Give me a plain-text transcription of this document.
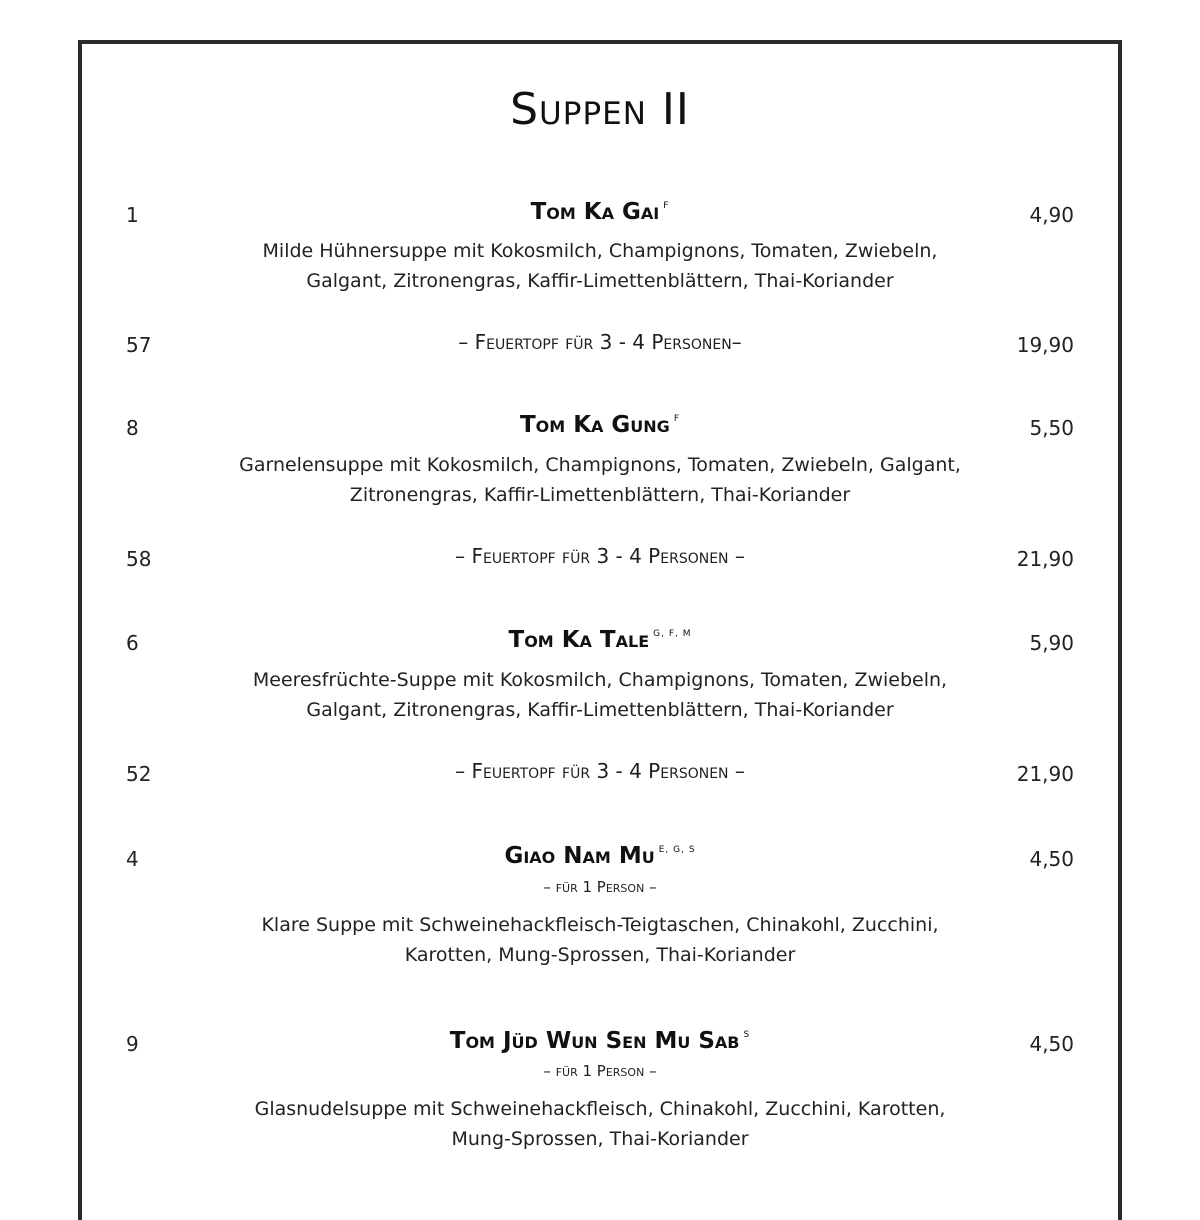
Suppen II
1	Tom Ka Gai $^F$	4,90
Milde Hühnersuppe mit Kokosmilch, Champignons, Tomaten, Zwiebeln,
Galgant, Zitronengras, Kaffir-Limettenblättern, Thai-Koriander
57	– Feuertopf für 3 - 4 Personen–	19,90
8	Tom Ka Gung $^F$	5,50
Garnelensuppe mit Kokosmilch, Champignons, Tomaten, Zwiebeln, Galgant,
Zitronengras, Kaffir-Limettenblättern, Thai-Koriander
58	– Feuertopf für 3 - 4 Personen –	21,90
6	Tom Ka Tale $^{G, F, M}$	5,90
Meeresfrüchte-Suppe mit Kokosmilch, Champignons, Tomaten, Zwiebeln,
Galgant, Zitronengras, Kaffir-Limettenblättern, Thai-Koriander
52	– Feuertopf für 3 - 4 Personen –	21,90
4	Giao Nam Mu $^{E, G, S}$	4,50
– für 1 Person –
Klare Suppe mit Schweinehackfleisch-Teigtaschen, Chinakohl, Zucchini,
Karotten, Mung-Sprossen, Thai-Koriander
9	Tom Jüd Wun Sen Mu Sab $^S$	4,50
– für 1 Person –
Glasnudelsuppe mit Schweinehackfleisch, Chinakohl, Zucchini, Karotten,
Mung-Sprossen, Thai-Koriander
